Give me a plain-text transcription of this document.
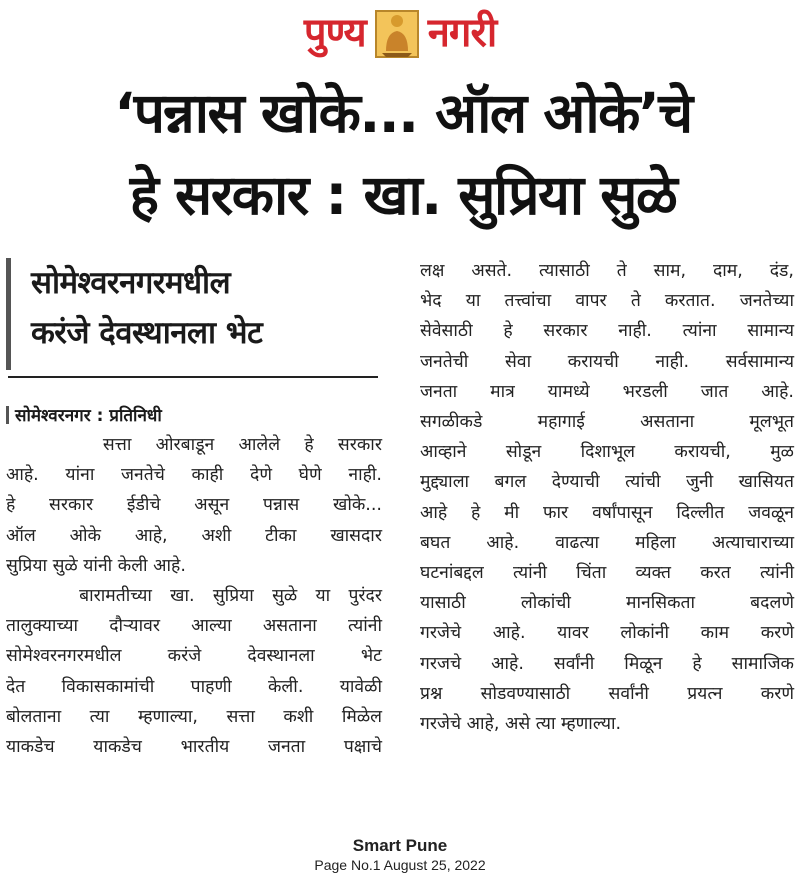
पुण्य नगरी
‘पन्नास खोके... ऑल ओके’चे
हे सरकार : खा. सुप्रिया सुळे
सोमेश्वरनगरमधील
करंजे देवस्थानला भेट
सोमेश्वरनगर : प्रतिनिधी

सत्ता ओरबाडून आलेले हे सरकार
आहे. यांना जनतेचे काही देणे घेणे नाही.
हे सरकार ईडीचे असून पन्नास खोके...
ऑल ओके आहे, अशी टीका खासदार
सुप्रिया सुळे यांनी केली आहे.
बारामतीच्या खा. सुप्रिया सुळे या पुरंदर
तालुक्याच्या दौऱ्यावर आल्या असताना त्यांनी
सोमेश्वरनगरमधील करंजे देवस्थानला भेट
देत विकासकामांची पाहणी केली. यावेळी
बोलताना त्या म्हणाल्या, सत्ता कशी मिळेल
याकडेच याकडेच भारतीय जनता पक्षाचे

लक्ष असते. त्यासाठी ते साम, दाम, दंड,
भेद या तत्त्वांचा वापर ते करतात. जनतेच्या
सेवेसाठी हे सरकार नाही. त्यांना सामान्य
जनतेची सेवा करायची नाही. सर्वसामान्य
जनता मात्र यामध्ये भरडली जात आहे.
सगळीकडे महागाई असताना मूलभूत
आव्हाने सोडून दिशाभूल करायची, मुळ
मुद्द्याला बगल देण्याची त्यांची जुनी खासियत
आहे हे मी फार वर्षांपासून दिल्लीत जवळून
बघत आहे. वाढत्या महिला अत्याचाराच्या
घटनांबद्दल त्यांनी चिंता व्यक्त करत त्यांनी
यासाठी लोकांची मानसिकता बदलणे
गरजेचे आहे. यावर लोकांनी काम करणे
गरजचे आहे. सर्वांनी मिळून हे सामाजिक
प्रश्न सोडवण्यासाठी सर्वांनी प्रयत्न करणे
गरजेचे आहे, असे त्या म्हणाल्या.

Smart Pune
Page No.1 August 25, 2022
